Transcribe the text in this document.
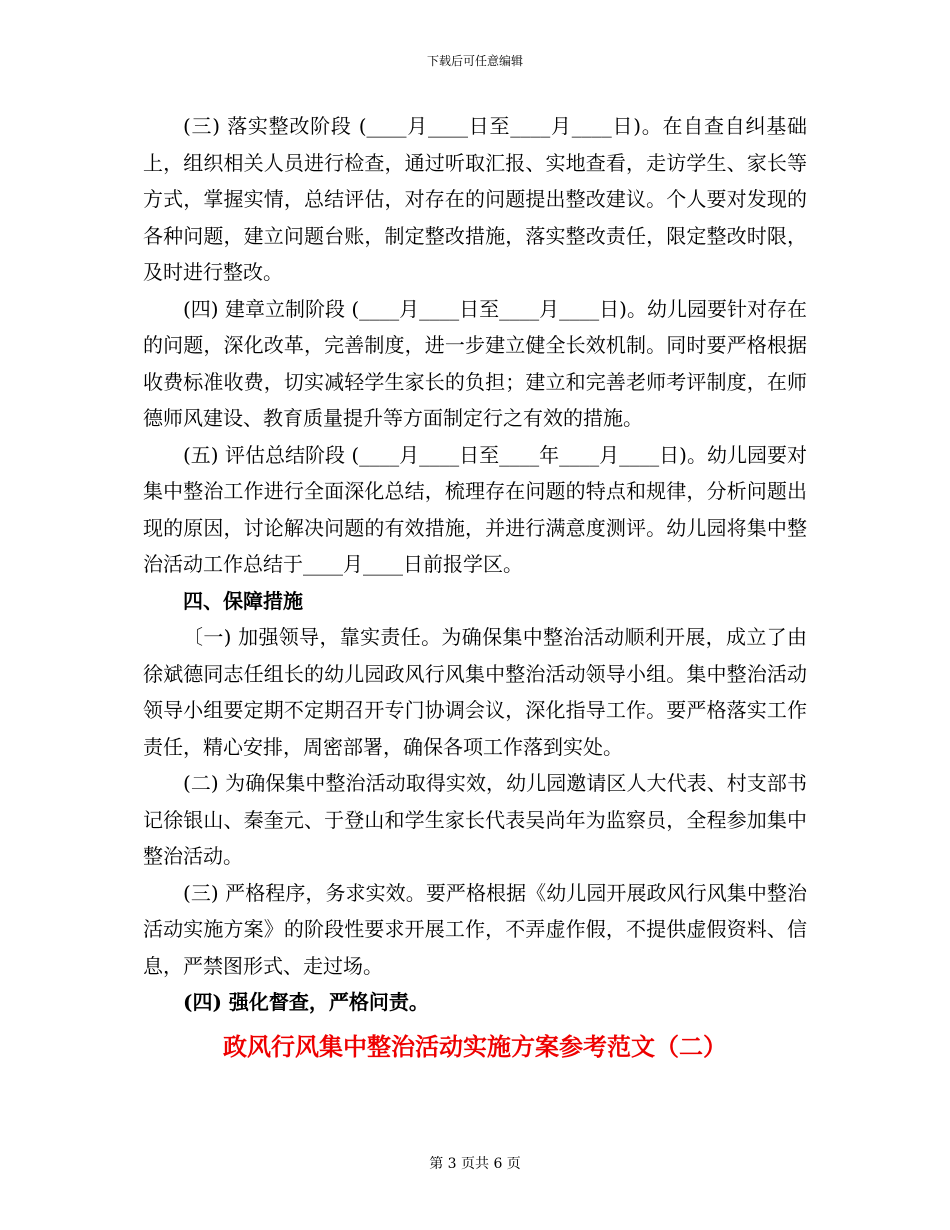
下载后可任意编辑

(三) 落实整改阶段 (____月____日至____月____日)。在自查自纠基础上，组织相关人员进行检查，通过听取汇报、实地查看，走访学生、家长等方式，掌握实情，总结评估，对存在的问题提出整改建议。个人要对发现的各种问题，建立问题台账，制定整改措施，落实整改责任，限定整改时限，及时进行整改。

(四) 建章立制阶段 (____月____日至____月____日)。幼儿园要针对存在的问题，深化改革，完善制度，进一步建立健全长效机制。同时要严格根据收费标准收费，切实减轻学生家长的负担；建立和完善老师考评制度，在师德师风建设、教育质量提升等方面制定行之有效的措施。

(五) 评估总结阶段 (____月____日至____年____月____日)。幼儿园要对集中整治工作进行全面深化总结，梳理存在问题的特点和规律，分析问题出现的原因，讨论解决问题的有效措施，并进行满意度测评。幼儿园将集中整治活动工作总结于____月____日前报学区。

四、保障措施

〔一) 加强领导，靠实责任。为确保集中整治活动顺利开展，成立了由徐斌德同志任组长的幼儿园政风行风集中整治活动领导小组。集中整治活动领导小组要定期不定期召开专门协调会议，深化指导工作。要严格落实工作责任，精心安排，周密部署，确保各项工作落到实处。

(二) 为确保集中整治活动取得实效，幼儿园邀请区人大代表、村支部书记徐银山、秦奎元、于登山和学生家长代表吴尚年为监察员，全程参加集中整治活动。

(三) 严格程序，务求实效。要严格根据《幼儿园开展政风行风集中整治活动实施方案》的阶段性要求开展工作，不弄虚作假，不提供虚假资料、信息，严禁图形式、走过场。

(四) 强化督查，严格问责。

政风行风集中整治活动实施方案参考范文（二）

第 3 页共 6 页
